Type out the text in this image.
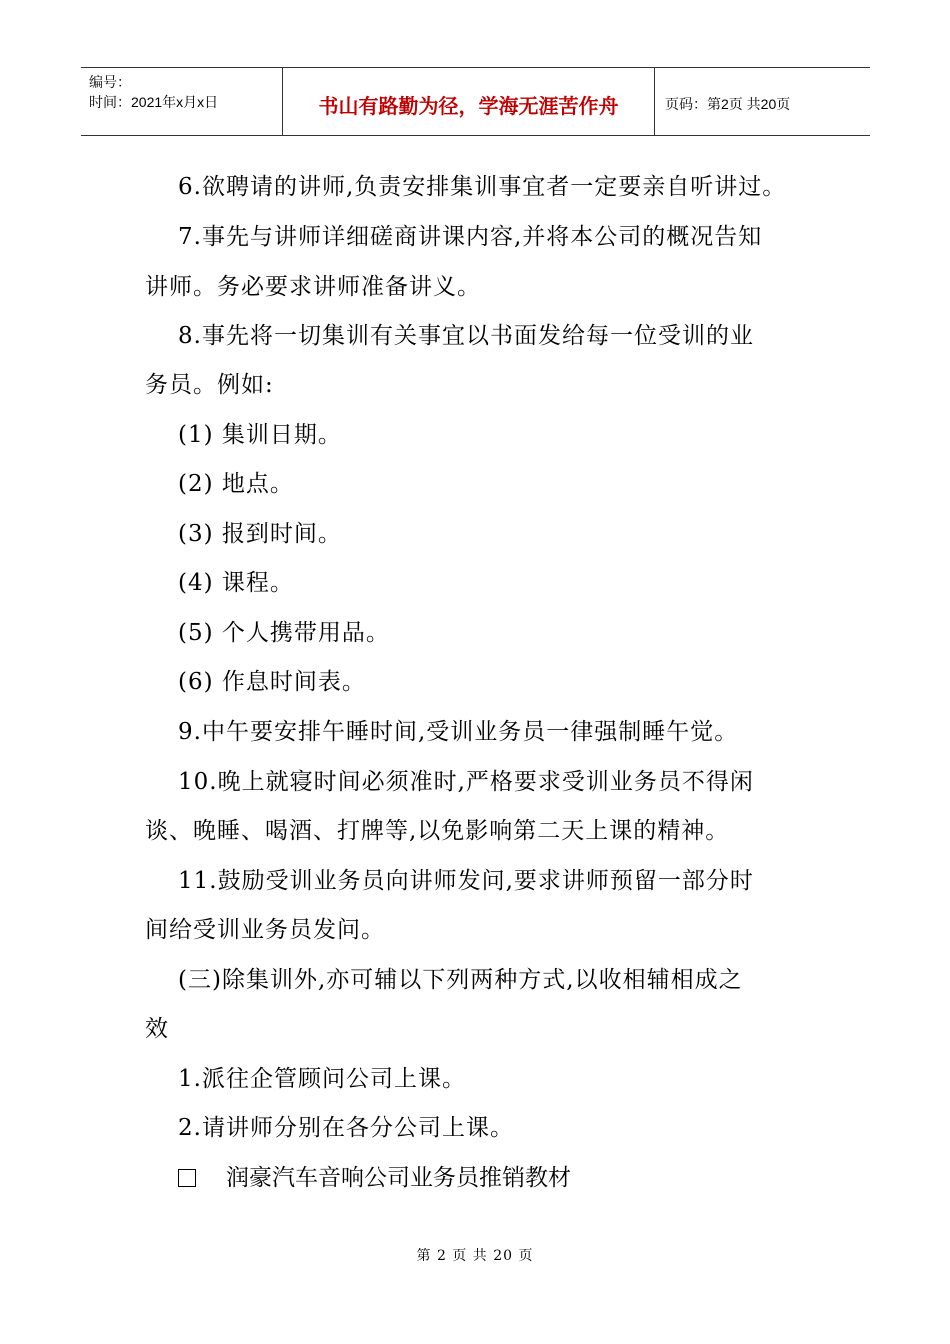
编号：
时间：2021年x月x日	书山有路勤为径，学海无涯苦作舟	页码：第2页 共20页
6.欲聘请的讲师,负责安排集训事宜者一定要亲自听讲过。
7.事先与讲师详细磋商讲课内容,并将本公司的概况告知
讲师。务必要求讲师准备讲义。
8.事先将一切集训有关事宜以书面发给每一位受训的业
务员。例如:
(1) 集训日期。
(2) 地点。
(3) 报到时间。
(4) 课程。
(5) 个人携带用品。
(6) 作息时间表。
9.中午要安排午睡时间,受训业务员一律强制睡午觉。
10.晚上就寝时间必须准时,严格要求受训业务员不得闲
谈、晚睡、喝酒、打牌等,以免影响第二天上课的精神。
11.鼓励受训业务员向讲师发问,要求讲师预留一部分时
间给受训业务员发问。
(三)除集训外,亦可辅以下列两种方式,以收相辅相成之
效
1.派往企管顾问公司上课。
2.请讲师分别在各分公司上课。
润豪汽车音响公司业务员推销教材
第 2 页 共 20 页
